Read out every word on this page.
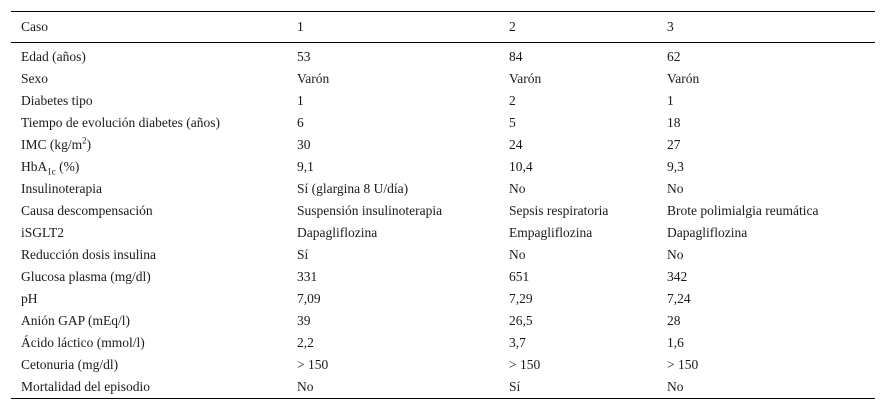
Caso	1	2	3
Edad (años)	53	84	62
Sexo	Varón	Varón	Varón
Diabetes tipo	1	2	1
Tiempo de evolución diabetes (años)	6	5	18
IMC $(kg/m^2)$	30	24	27
HbA$_{1c}$ (%)	9,1	10,4	9,3
Insulinoterapia	Sí (glargina 8 U/día)	No	No
Causa descompensación	Suspensión insulinoterapia	Sepsis respiratoria	Brote polimialgia reumática
iSGLT2	Dapagliflozina	Empagliflozina	Dapagliflozina
Reducción dosis insulina	Sí	No	No
Glucosa plasma (mg/dl)	331	651	342
pH	7,09	7,29	7,24
Anión GAP (mEq/l)	39	26,5	28
Ácido láctico (mmol/l)	2,2	3,7	1,6
Cetonuria (mg/dl)	> 150	> 150	> 150
Mortalidad del episodio	No	Sí	No
